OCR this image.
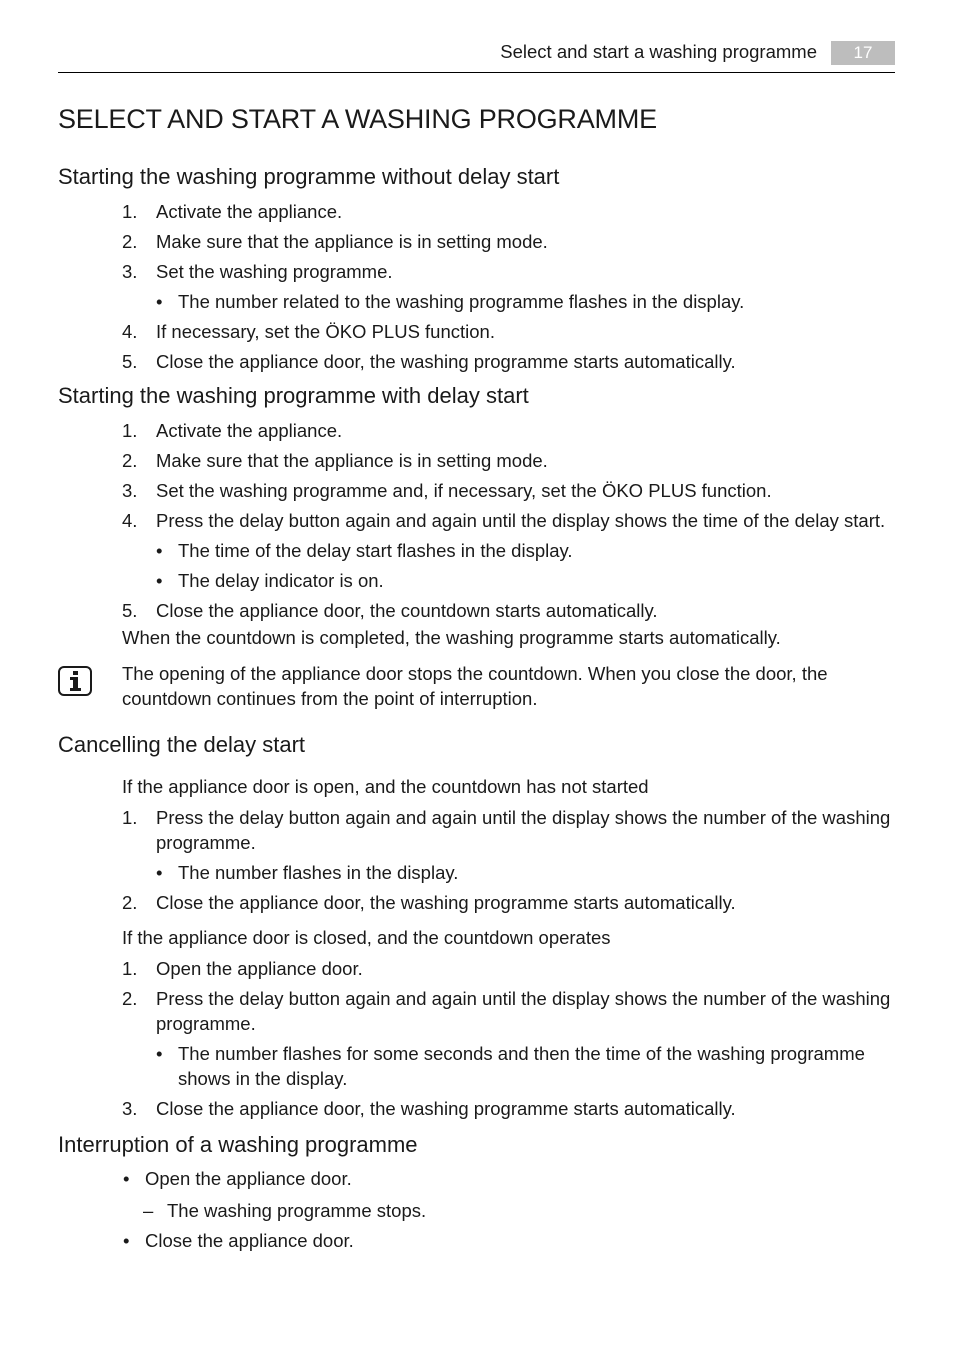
Select and start a washing programme	17
SELECT AND START A WASHING PROGRAMME
Starting the washing programme without delay start
1. Activate the appliance.
2. Make sure that the appliance is in setting mode.
3. Set the washing programme.
• The number related to the washing programme flashes in the display.
4. If necessary, set the ÖKO PLUS function.
5. Close the appliance door, the washing programme starts automatically.
Starting the washing programme with delay start
1. Activate the appliance.
2. Make sure that the appliance is in setting mode.
3. Set the washing programme and, if necessary, set the ÖKO PLUS function.
4. Press the delay button again and again until the display shows the time of the delay start.
• The time of the delay start flashes in the display.
• The delay indicator is on.
5. Close the appliance door, the countdown starts automatically.

When the countdown is completed, the washing programme starts automatically.

The opening of the appliance door stops the countdown. When you close the door, the countdown continues from the point of interruption.

Cancelling the delay start

If the appliance door is open, and the countdown has not started

1. Press the delay button again and again until the display shows the number of the washing programme.
• The number flashes in the display.
2. Close the appliance door, the washing programme starts automatically.

If the appliance door is closed, and the countdown operates

1. Open the appliance door.
2. Press the delay button again and again until the display shows the number of the washing programme.
• The number flashes for some seconds and then the time of the washing programme shows in the display.
3. Close the appliance door, the washing programme starts automatically.
Interruption of a washing programme
• Open the appliance door.
– The washing programme stops.
• Close the appliance door.
